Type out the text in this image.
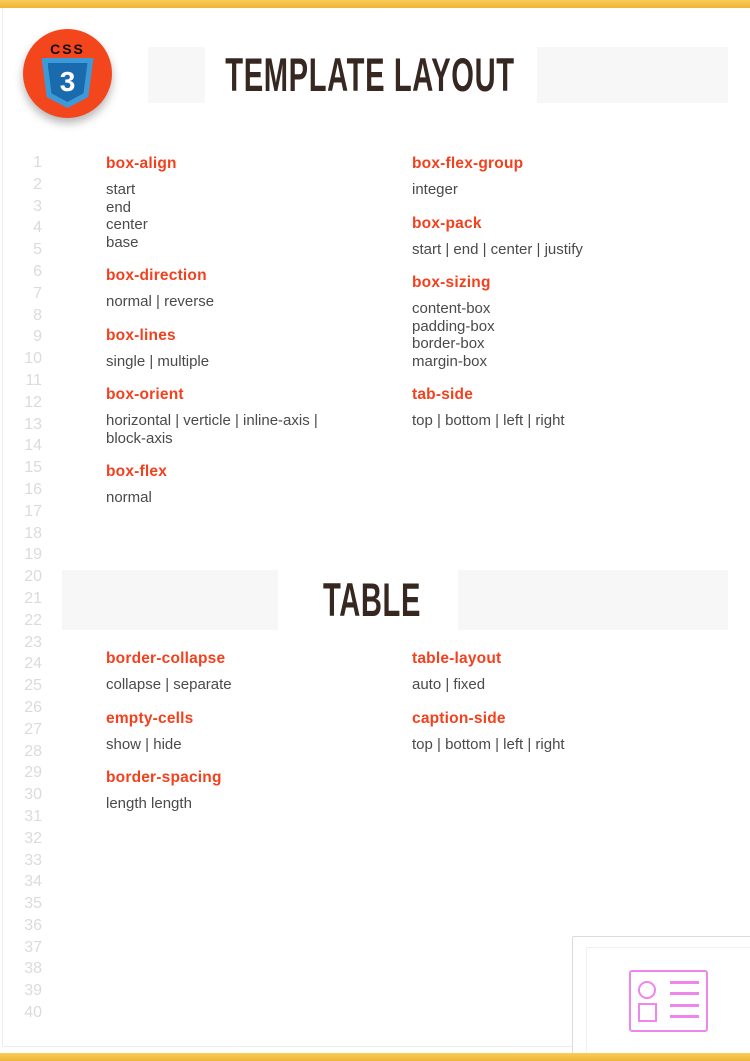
CSS
3	TEMPLATE LAYOUT
1
2
3
4
5
6
7
8
9
10
11
12
13
14
15
16
17
18
19
20
21
22
23
24
25
26
27
28
29
30
31
32
33
34
35
36
37
38
39
40
box-align
start
end
center
base
box-direction
normal | reverse
box-lines
single | multiple
box-orient
horizontal | verticle | inline-axis | block-axis
box-flex
normal
box-flex-group
integer
box-pack
start | end | center | justify
box-sizing
content-box
padding-box
border-box
margin-box
tab-side
top | bottom | left | right
TABLE
border-collapse
collapse | separate
empty-cells
show | hide
border-spacing
length length
table-layout
auto | fixed
caption-side
top | bottom | left | right
